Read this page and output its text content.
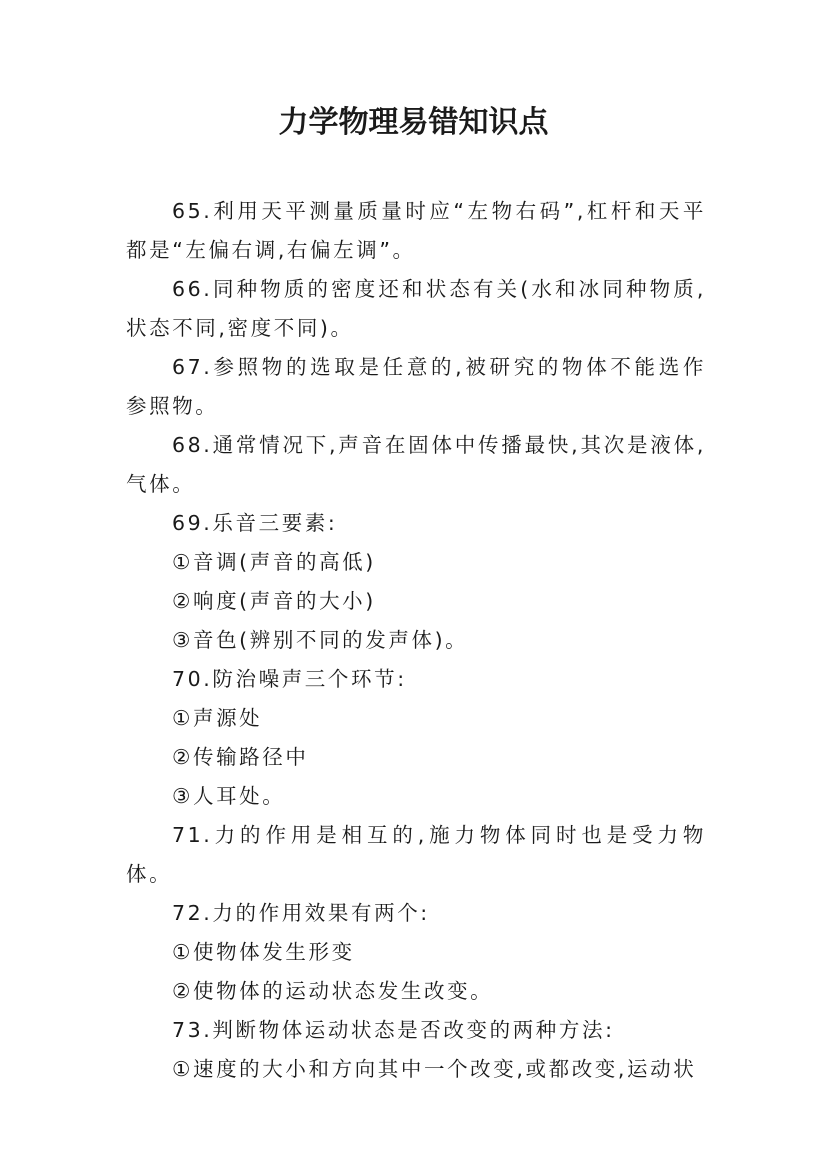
力学物理易错知识点

65.利用天平测量质量时应“左物右码”,杠杆和天平都是“左偏右调,右偏左调”。

66.同种物质的密度还和状态有关(水和冰同种物质,状态不同,密度不同)。

67.参照物的选取是任意的,被研究的物体不能选作参照物。

68.通常情况下,声音在固体中传播最快,其次是液体,气体。

69.乐音三要素:

①音调(声音的高低)

②响度(声音的大小)

③音色(辨别不同的发声体)。

70.防治噪声三个环节:

①声源处

②传输路径中

③人耳处。

71.力的作用是相互的,施力物体同时也是受力物体。

72.力的作用效果有两个:

①使物体发生形变

②使物体的运动状态发生改变。

73.判断物体运动状态是否改变的两种方法:

①速度的大小和方向其中一个改变,或都改变,运动状
